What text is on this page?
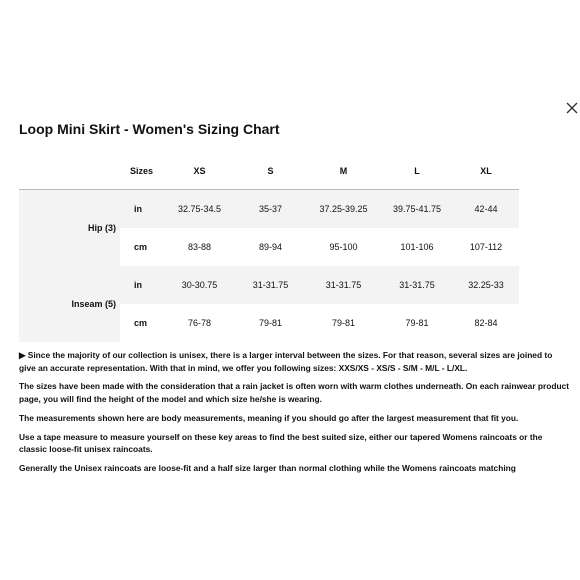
Loop Mini Skirt - Women's Sizing Chart
	Sizes	XS	S	M	L	XL
Hip (3)	in	32.75-34.5	35-37	37.25-39.25	39.75-41.75	42-44
	cm	83-88	89-94	95-100	101-106	107-112
Inseam (5)	in	30-30.75	31-31.75	31-31.75	31-31.75	32.25-33
	cm	76-78	79-81	79-81	79-81	82-84

▶ Since the majority of our collection is unisex, there is a larger interval between the sizes. For that reason, several sizes are joined to give an accurate representation. With that in mind, we offer you following sizes: XXS/XS - XS/S - S/M - M/L - L/XL.

The sizes have been made with the consideration that a rain jacket is often worn with warm clothes underneath. On each rainwear product page, you will find the height of the model and which size he/she is wearing.

The measurements shown here are body measurements, meaning if you should go after the largest measurement that fit you.

Use a tape measure to measure yourself on these key areas to find the best suited size, either our tapered Womens raincoats or the classic loose-fit unisex raincoats.

Generally the Unisex raincoats are loose-fit and a half size larger than normal clothing while the Womens raincoats matching
